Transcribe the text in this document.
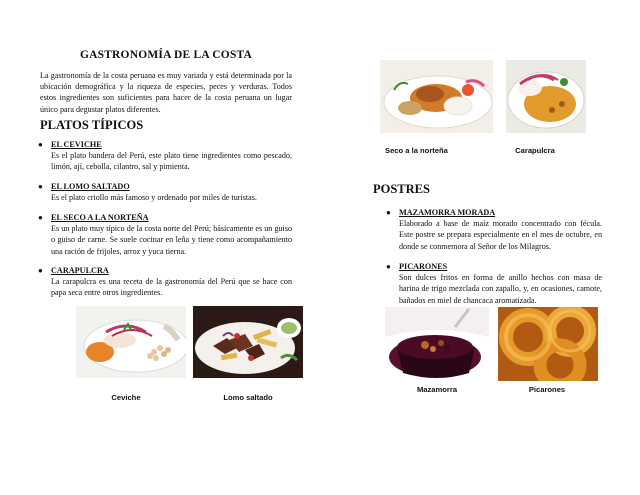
GASTRONOMÍA DE LA COSTA
La gastronomía de la costa peruana es muy variada y está determinada por la ubicación demográfica y la riqueza de especies, peces y verduras. Todos estos ingredientes son suficientes para hacer de la costa peruana un lugar único para degustar platos diferentes.
PLATOS TÍPICOS
● EL CEVICHE
Es el plato bandera del Perú, este plato tiene ingredientes como pescado, limón, ají, cebolla, cilantro, sal y pimienta.
● EL LOMO SALTADO
Es el plato criollo más famoso y ordenado por miles de turistas.
● EL SECO A LA NORTEÑA
Es un plato muy típico de la costa norte del Perú; básicamente es un guiso o guiso de carne. Se suele cocinar en leña y tiene como acompañamiento una ración de frijoles, arroz y yuca tierna.
● CARAPULCRA
La carapulcra es una receta de la gastronomía del Perú que se hace con papa seca entre otros ingredientes.
Ceviche	Lomo saltado
Seco a la norteña	Carapulcra
POSTRES
● MAZAMORRA MORADA
Elaborado a base de maíz morado concentrado con fécula. Este postre se prepara especialmente en el mes de octubre, en donde se conmemora al Señor de los Milagros.
● PICARONES
Son dulces fritos en forma de anillo hechos con masa de harina de trigo mezclada con zapallo, y, en ocasiones, camote, bañados en miel de chancaca aromatizada.
Mazamorra	Picarones
